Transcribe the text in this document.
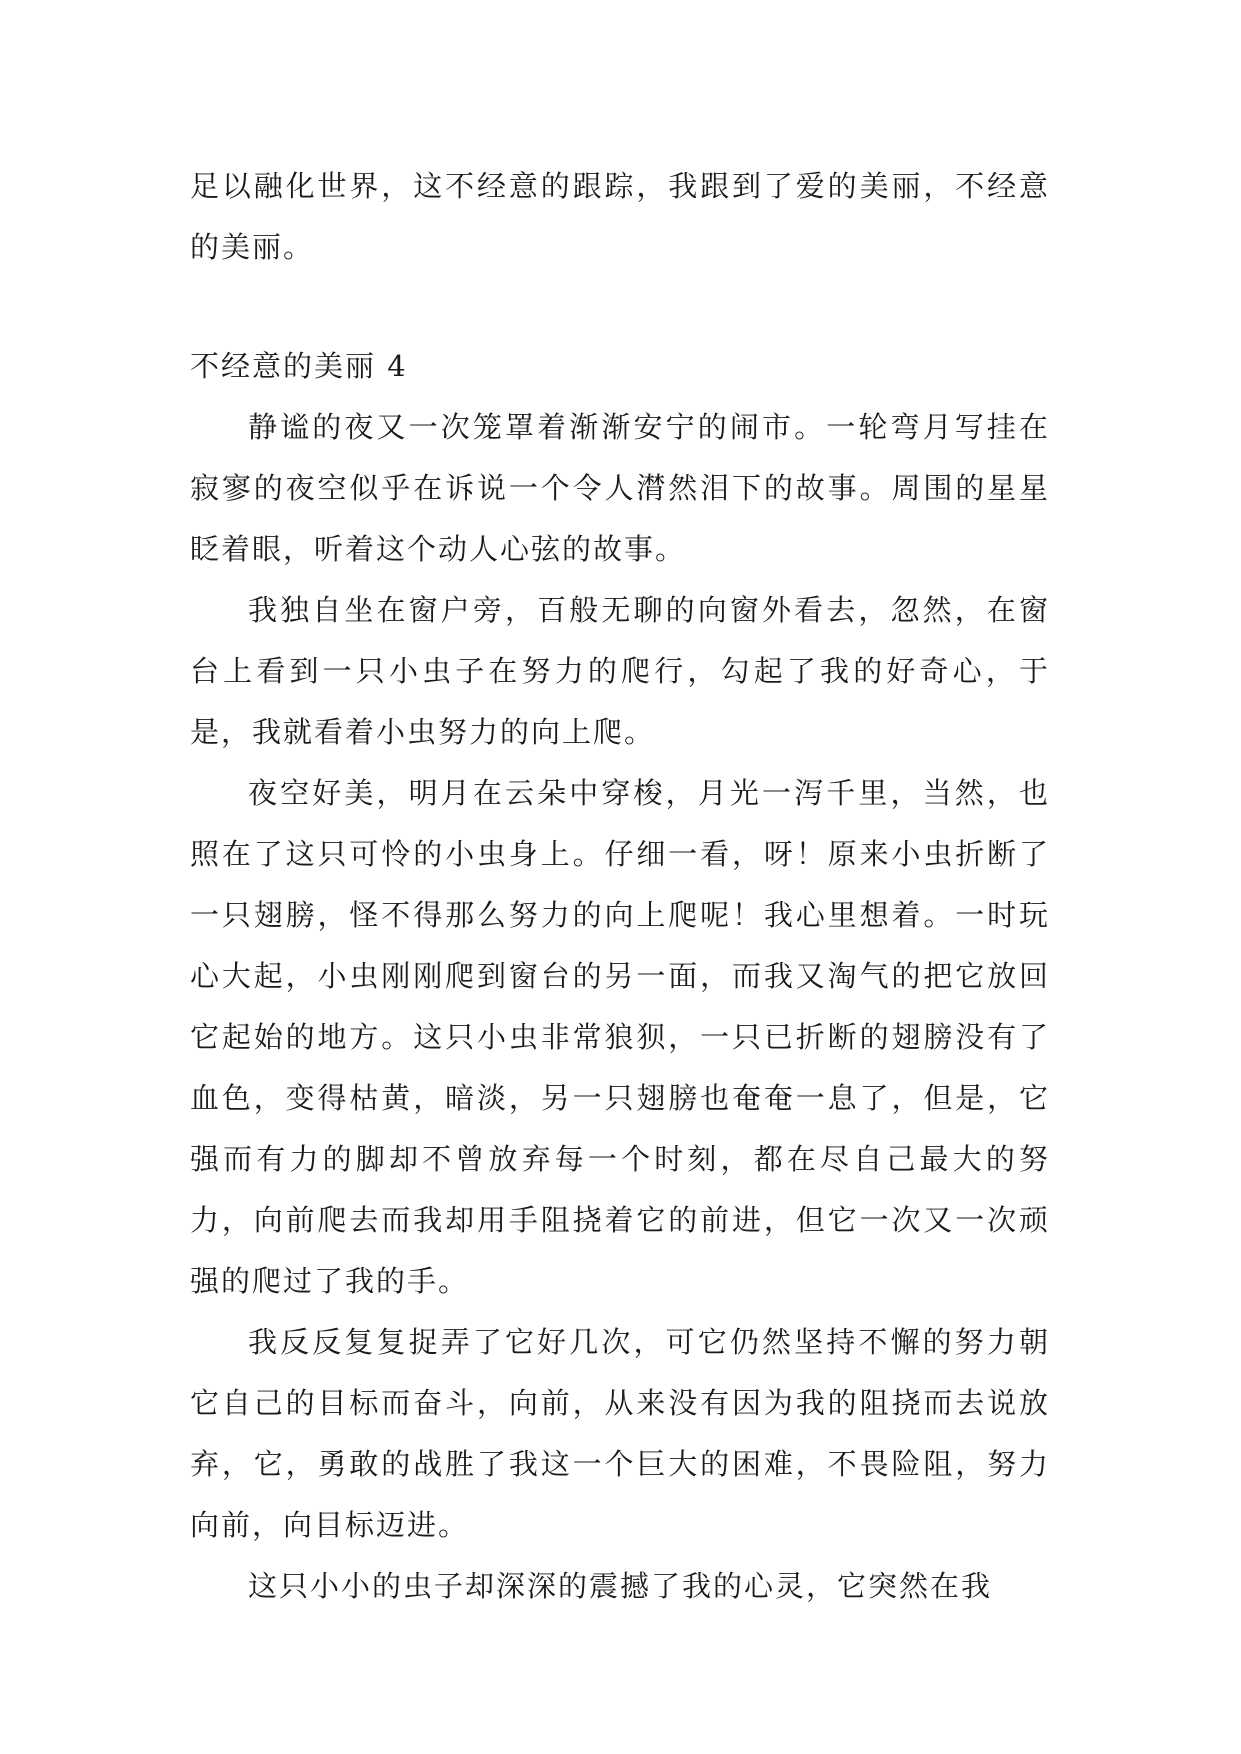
足以融化世界，这不经意的跟踪，我跟到了爱的美丽，不经意的美丽。
不经意的美丽 4

静谧的夜又一次笼罩着渐渐安宁的闹市。一轮弯月写挂在寂寥的夜空似乎在诉说一个令人潸然泪下的故事。周围的星星眨着眼，听着这个动人心弦的故事。

我独自坐在窗户旁，百般无聊的向窗外看去，忽然，在窗台上看到一只小虫子在努力的爬行，勾起了我的好奇心，于是，我就看着小虫努力的向上爬。

夜空好美，明月在云朵中穿梭，月光一泻千里，当然，也照在了这只可怜的小虫身上。仔细一看，呀！原来小虫折断了一只翅膀，怪不得那么努力的向上爬呢！我心里想着。一时玩心大起，小虫刚刚爬到窗台的另一面，而我又淘气的把它放回它起始的地方。这只小虫非常狼狈，一只已折断的翅膀没有了血色，变得枯黄，暗淡，另一只翅膀也奄奄一息了，但是，它强而有力的脚却不曾放弃每一个时刻，都在尽自己最大的努力，向前爬去而我却用手阻挠着它的前进，但它一次又一次顽强的爬过了我的手。

我反反复复捉弄了它好几次，可它仍然坚持不懈的努力朝它自己的目标而奋斗，向前，从来没有因为我的阻挠而去说放弃，它，勇敢的战胜了我这一个巨大的困难，不畏险阻，努力向前，向目标迈进。

这只小小的虫子却深深的震撼了我的心灵，它突然在我
